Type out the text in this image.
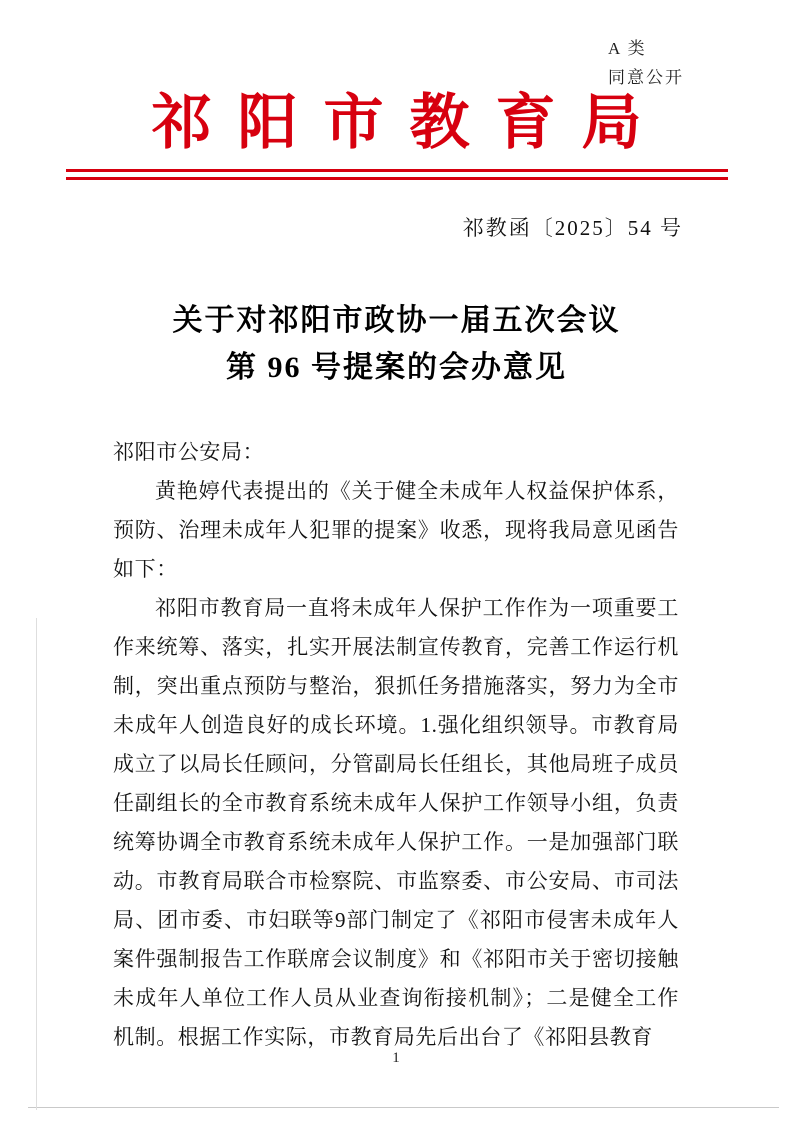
A 类
同意公开
祁阳市教育局
祁教函〔2025〕54 号
关于对祁阳市政协一届五次会议
第 96 号提案的会办意见

祁阳市公安局：

黄艳婷代表提出的《关于健全未成年人权益保护体系，预防、治理未成年人犯罪的提案》收悉，现将我局意见函告如下：

祁阳市教育局一直将未成年人保护工作作为一项重要工作来统筹、落实，扎实开展法制宣传教育，完善工作运行机制，突出重点预防与整治，狠抓任务措施落实，努力为全市未成年人创造良好的成长环境。1.强化组织领导。市教育局成立了以局长任顾问，分管副局长任组长，其他局班子成员任副组长的全市教育系统未成年人保护工作领导小组，负责统筹协调全市教育系统未成年人保护工作。一是加强部门联动。市教育局联合市检察院、市监察委、市公安局、市司法局、团市委、市妇联等9部门制定了《祁阳市侵害未成年人案件强制报告工作联席会议制度》和《祁阳市关于密切接触未成年人单位工作人员从业查询衔接机制》；二是健全工作机制。根据工作实际，市教育局先后出台了《祁阳县教育

1
